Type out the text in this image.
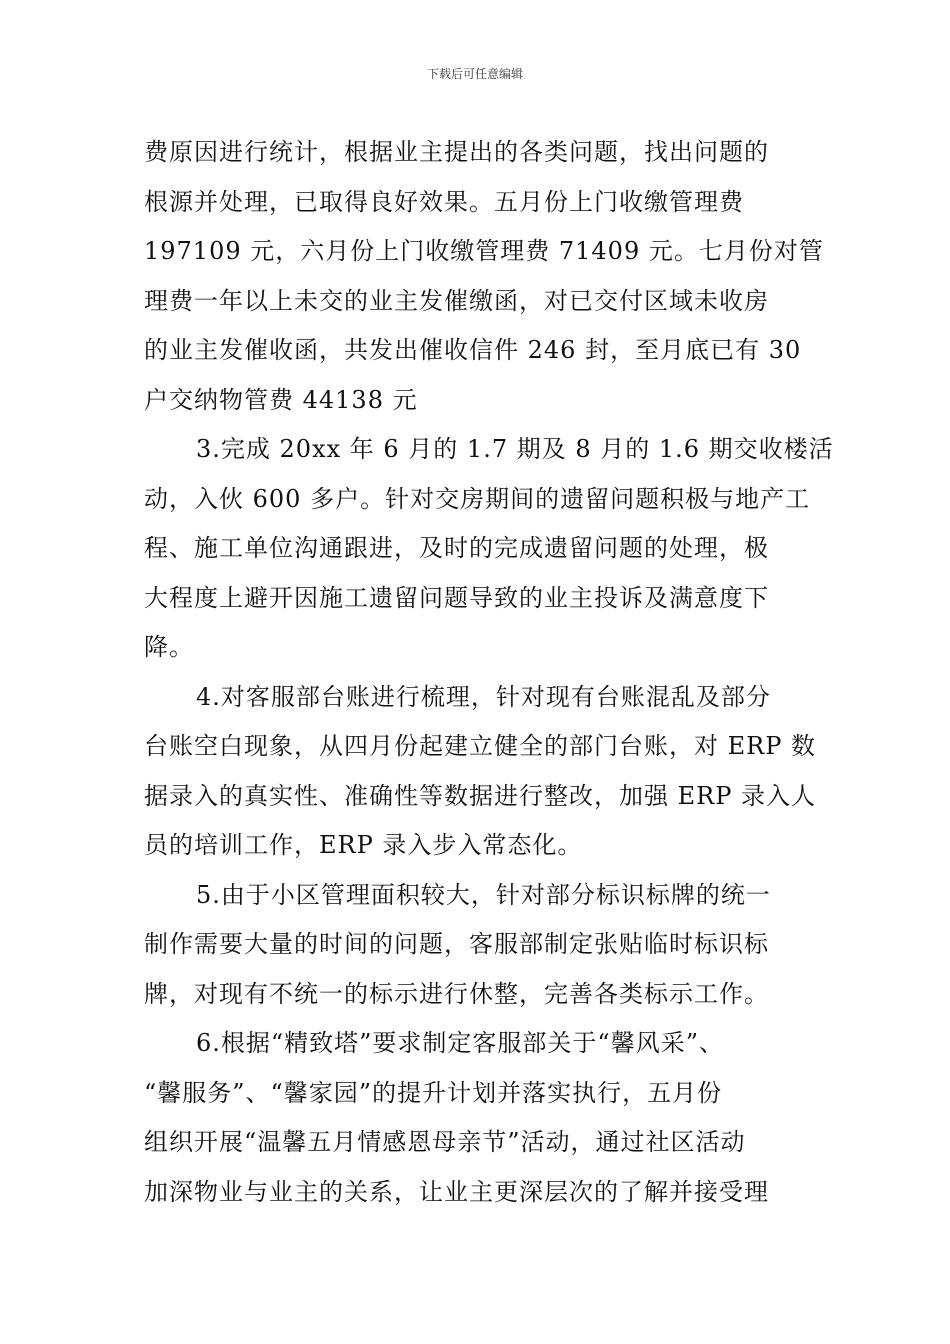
下载后可任意编辑
费原因进行统计，根据业主提出的各类问题，找出问题的
根源并处理，已取得良好效果。五月份上门收缴管理费
197109 元，六月份上门收缴管理费 71409 元。七月份对管
理费一年以上未交的业主发催缴函，对已交付区域未收房
的业主发催收函，共发出催收信件 246 封，至月底已有 30
户交纳物管费 44138 元
3.完成 20xx 年 6 月的 1.7 期及 8 月的 1.6 期交收楼活
动，入伙 600 多户。针对交房期间的遗留问题积极与地产工
程、施工单位沟通跟进，及时的完成遗留问题的处理，极
大程度上避开因施工遗留问题导致的业主投诉及满意度下
降。
4.对客服部台账进行梳理，针对现有台账混乱及部分
台账空白现象，从四月份起建立健全的部门台账，对 ERP 数
据录入的真实性、准确性等数据进行整改，加强 ERP 录入人
员的培训工作，ERP 录入步入常态化。
5.由于小区管理面积较大，针对部分标识标牌的统一
制作需要大量的时间的问题，客服部制定张贴临时标识标
牌，对现有不统一的标示进行休整，完善各类标示工作。
6.根据“精致塔”要求制定客服部关于“馨风采”、
“馨服务”、“馨家园”的提升计划并落实执行，五月份
组织开展“温馨五月情感恩母亲节”活动，通过社区活动
加深物业与业主的关系，让业主更深层次的了解并接受理
